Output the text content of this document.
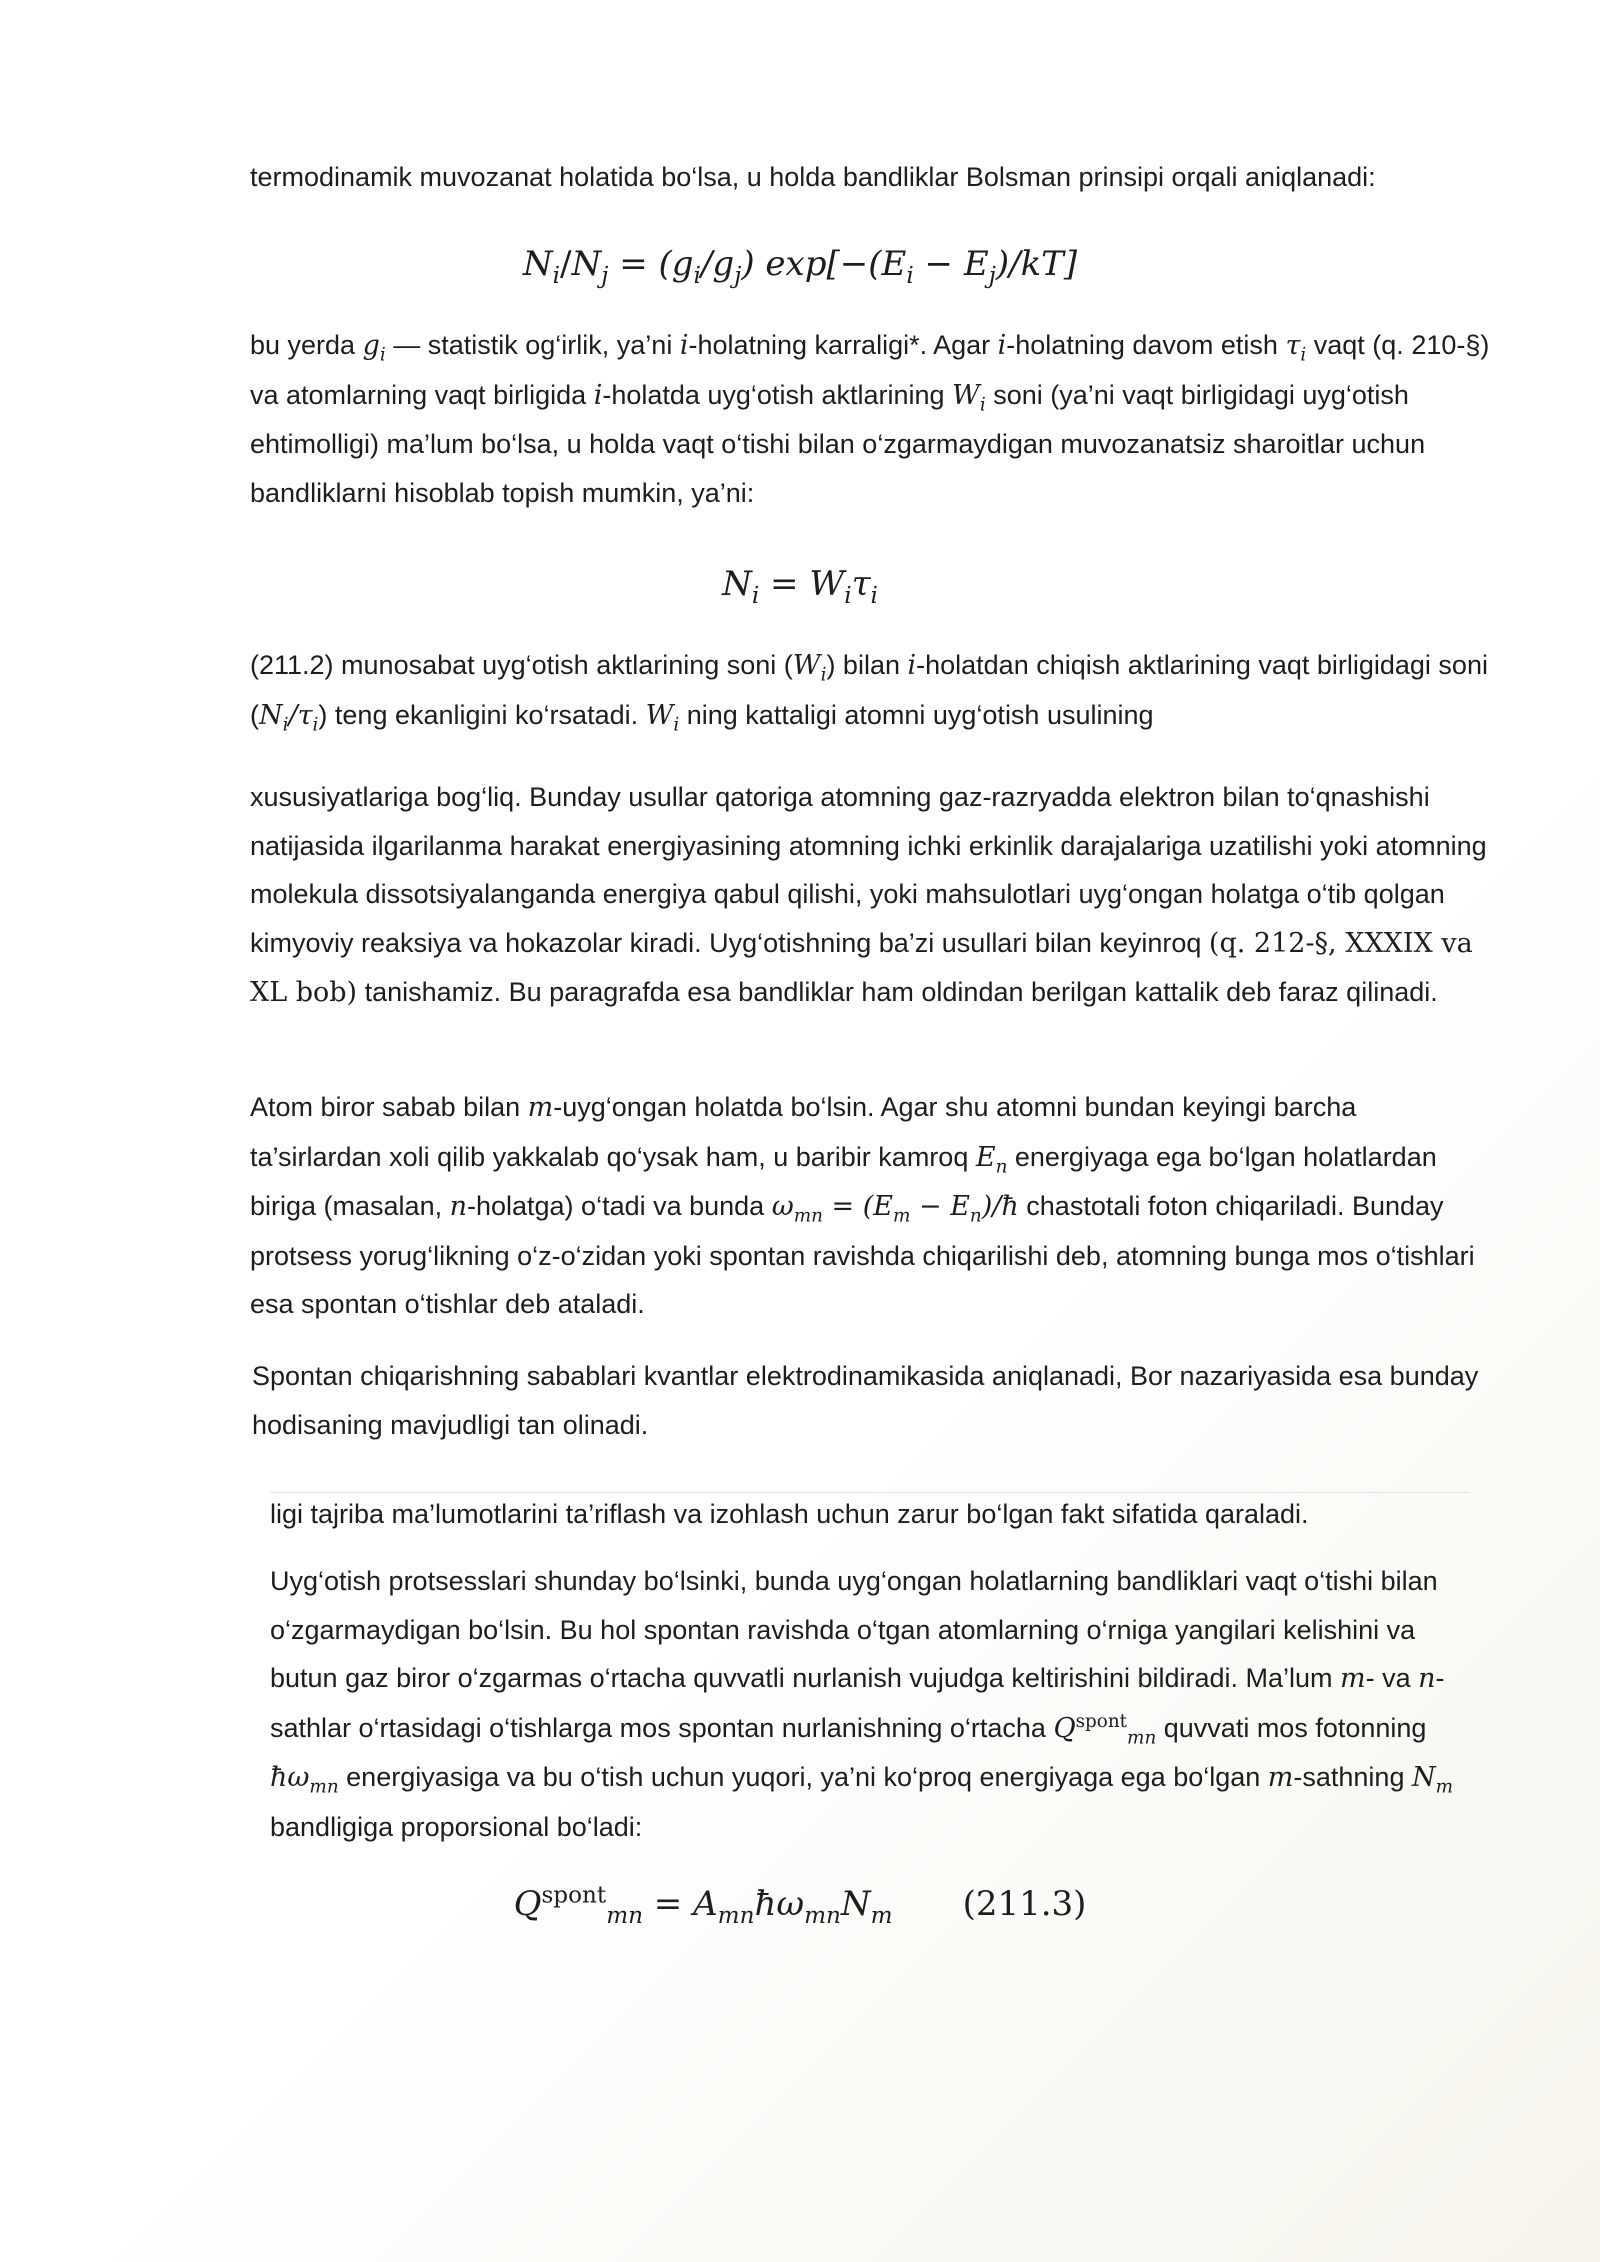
termodinamik muvozanat holatida bo‘lsa, u holda bandliklar Bolsman prinsipi orqali aniqlanadi:

$N_i/N_j = (g_i/g_j) \exp[-(E_i - E_j)/kT]$

bu yerda $g_i$ — statistik og‘irlik, ya’ni i-holatning karraligi*. Agar i-holatning davom etish $\tau_i$ vaqt (q. 210-§) va atomlarning vaqt birligida i-holatda uyg‘otish aktlarining $W_i$ soni (ya’ni vaqt birligidagi uyg‘otish ehtimolligi) ma’lum bo‘lsa, u holda vaqt o‘tishi bilan o‘zgarmaydigan muvozanatsiz sharoitlar uchun bandliklarni hisoblab topish mumkin, ya’ni:

$N_i = W_i\tau_i$

(211.2) munosabat uyg‘otish aktlarining soni $(W_i)$ bilan i-holatdan chiqish aktlarining vaqt birligidagi soni $(N_i/\tau_i)$ teng ekanligini ko‘rsatadi. $W_i$ ning kattaligi atomni uyg‘otish usulining

xususiyatlariga bog‘liq. Bunday usullar qatoriga atomning gaz-razryadda elektron bilan to‘qnashishi natijasida ilgarilanma harakat energiyasining atomning ichki erkinlik darajalariga uzatilishi yoki atomning molekula dissotsiyalanganda energiya qabul qilishi, yoki mahsulotlari uyg‘ongan holatga o‘tib qolgan kimyoviy reaksiya va hokazolar kiradi. Uyg‘otishning ba’zi usullari bilan keyinroq (q. 212-§, XXXIX va XL bob) tanishamiz. Bu paragrafda esa bandliklar ham oldindan berilgan kattalik deb faraz qilinadi.

Atom biror sabab bilan m-uyg‘ongan holatda bo‘lsin. Agar shu atomni bundan keyingi barcha ta’sirlardan xoli qilib yakkalab qo‘ysak ham, u baribir kamroq $E_n$ energiyaga ega bo‘lgan holatlardan biriga (masalan, n-holatga) o‘tadi va bunda $\omega_{mn} = (E_m$ − $E_n)/ħ$ chastotali foton chiqariladi. Bunday protsess yorug‘likning o‘z-o‘zidan yoki spontan ravishda chiqarilishi deb, atomning bunga mos o‘tishlari esa spontan o‘tishlar deb ataladi.

Spontan chiqarishning sabablari kvantlar elektrodinamikasida aniqlanadi, Bor nazariyasida esa bunday hodisaning mavjudligi tan olinadi.

ligi tajriba ma’lumotlarini ta’riflash va izohlash uchun zarur bo‘lgan fakt sifatida qaraladi.

Uyg‘otish protsesslari shunday bo‘lsinki, bunda uyg‘ongan holatlarning bandliklari vaqt o‘tishi bilan o‘zgarmaydigan bo‘lsin. Bu hol spontan ravishda o‘tgan atomlarning o‘rniga yangilari kelishini va butun gaz biror o‘zgarmas o‘rtacha quvvatli nurlanish vujudga keltirishini bildiradi. Ma’lum m- va n-sathlar o‘rtasidagi o‘tishlarga mos spontan nurlanishning o‘rtacha $Q^{spont}_{mn}$ quvvati mos fotonning $ħ\omega_{mn}$ energiyasiga va bu o‘tish uchun yuqori, ya’ni ko‘proq energiyaga ega bo‘lgan m-sathning $N_m$ bandligiga proporsional bo‘ladi:

$Q^{spont}_{mn}$ = $A_{mn}ħ\omega_{mn}N_m$ (211.3)
